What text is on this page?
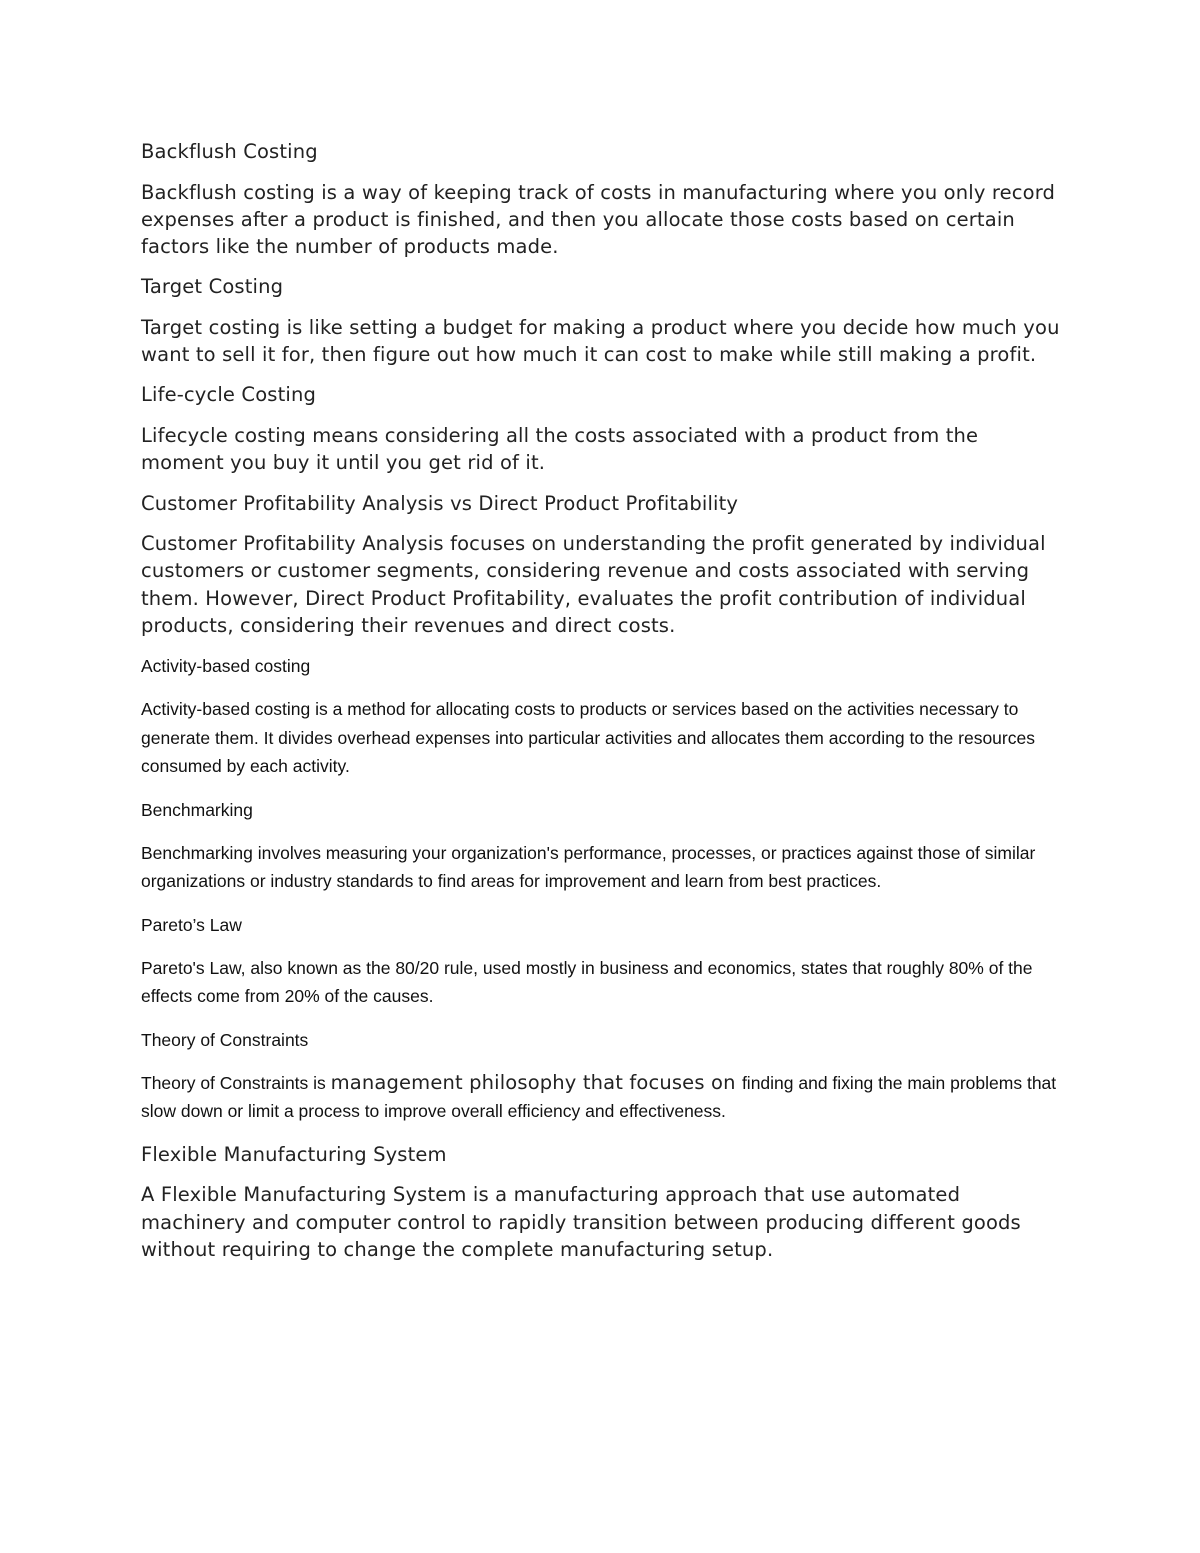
Backflush Costing

Backflush costing is a way of keeping track of costs in manufacturing where you only record expenses after a product is finished, and then you allocate those costs based on certain factors like the number of products made.

Target Costing

Target costing is like setting a budget for making a product where you decide how much you want to sell it for, then figure out how much it can cost to make while still making a profit.

Life-cycle Costing

Lifecycle costing means considering all the costs associated with a product from the moment you buy it until you get rid of it.

Customer Profitability Analysis vs Direct Product Profitability

Customer Profitability Analysis focuses on understanding the profit generated by individual customers or customer segments, considering revenue and costs associated with serving them. However, Direct Product Profitability, evaluates the profit contribution of individual products, considering their revenues and direct costs.

Activity-based costing

Activity-based costing is a method for allocating costs to products or services based on the activities necessary to generate them. It divides overhead expenses into particular activities and allocates them according to the resources consumed by each activity.

Benchmarking

Benchmarking involves measuring your organization's performance, processes, or practices against those of similar organizations or industry standards to find areas for improvement and learn from best practices.

Pareto’s Law

Pareto's Law, also known as the 80/20 rule, used mostly in business and economics, states that roughly 80% of the effects come from 20% of the causes.

Theory of Constraints

Theory of Constraints is management philosophy that focuses on finding and fixing the main problems that slow down or limit a process to improve overall efficiency and effectiveness.

Flexible Manufacturing System

A Flexible Manufacturing System is a manufacturing approach that use automated machinery and computer control to rapidly transition between producing different goods without requiring to change the complete manufacturing setup.
